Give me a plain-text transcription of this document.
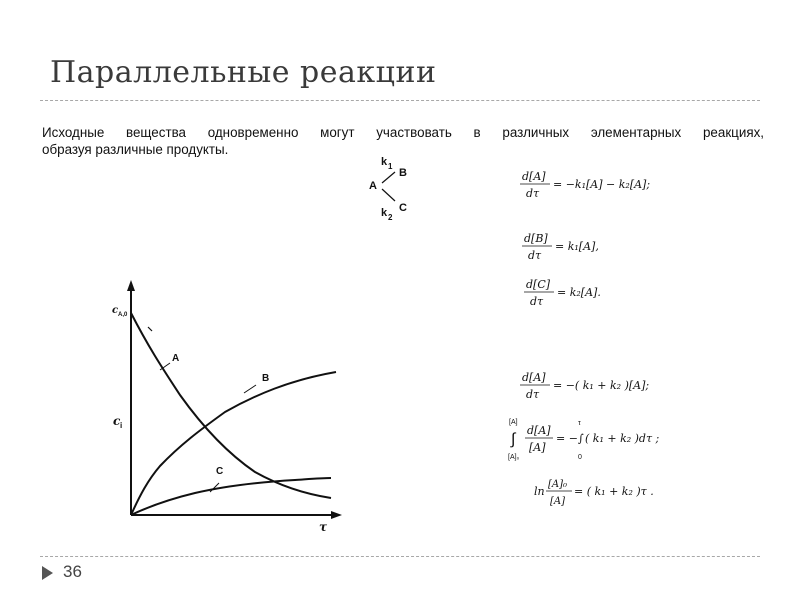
Параллельные реакции
Исходные вещества одновременно могут участвовать в различных элементарных реакциях,
образуя различные продукты.
A
B
C
k 1
k 2
c A,0
c i
τ
A
B
C
d[A]
dτ
= −k₁[A] − k₂[A];
d[B]
dτ
= k₁[A],
d[C]
dτ
= k₂[A].
d[A]
dτ
= −( k₁ + k₂ )[A];
[A]
∫
[A]₀
d[A]
[A]
= −∫
τ
0
( k₁ + k₂ )dτ ;
ln
[A]₀
[A]
= ( k₁ + k₂ )τ .
36
